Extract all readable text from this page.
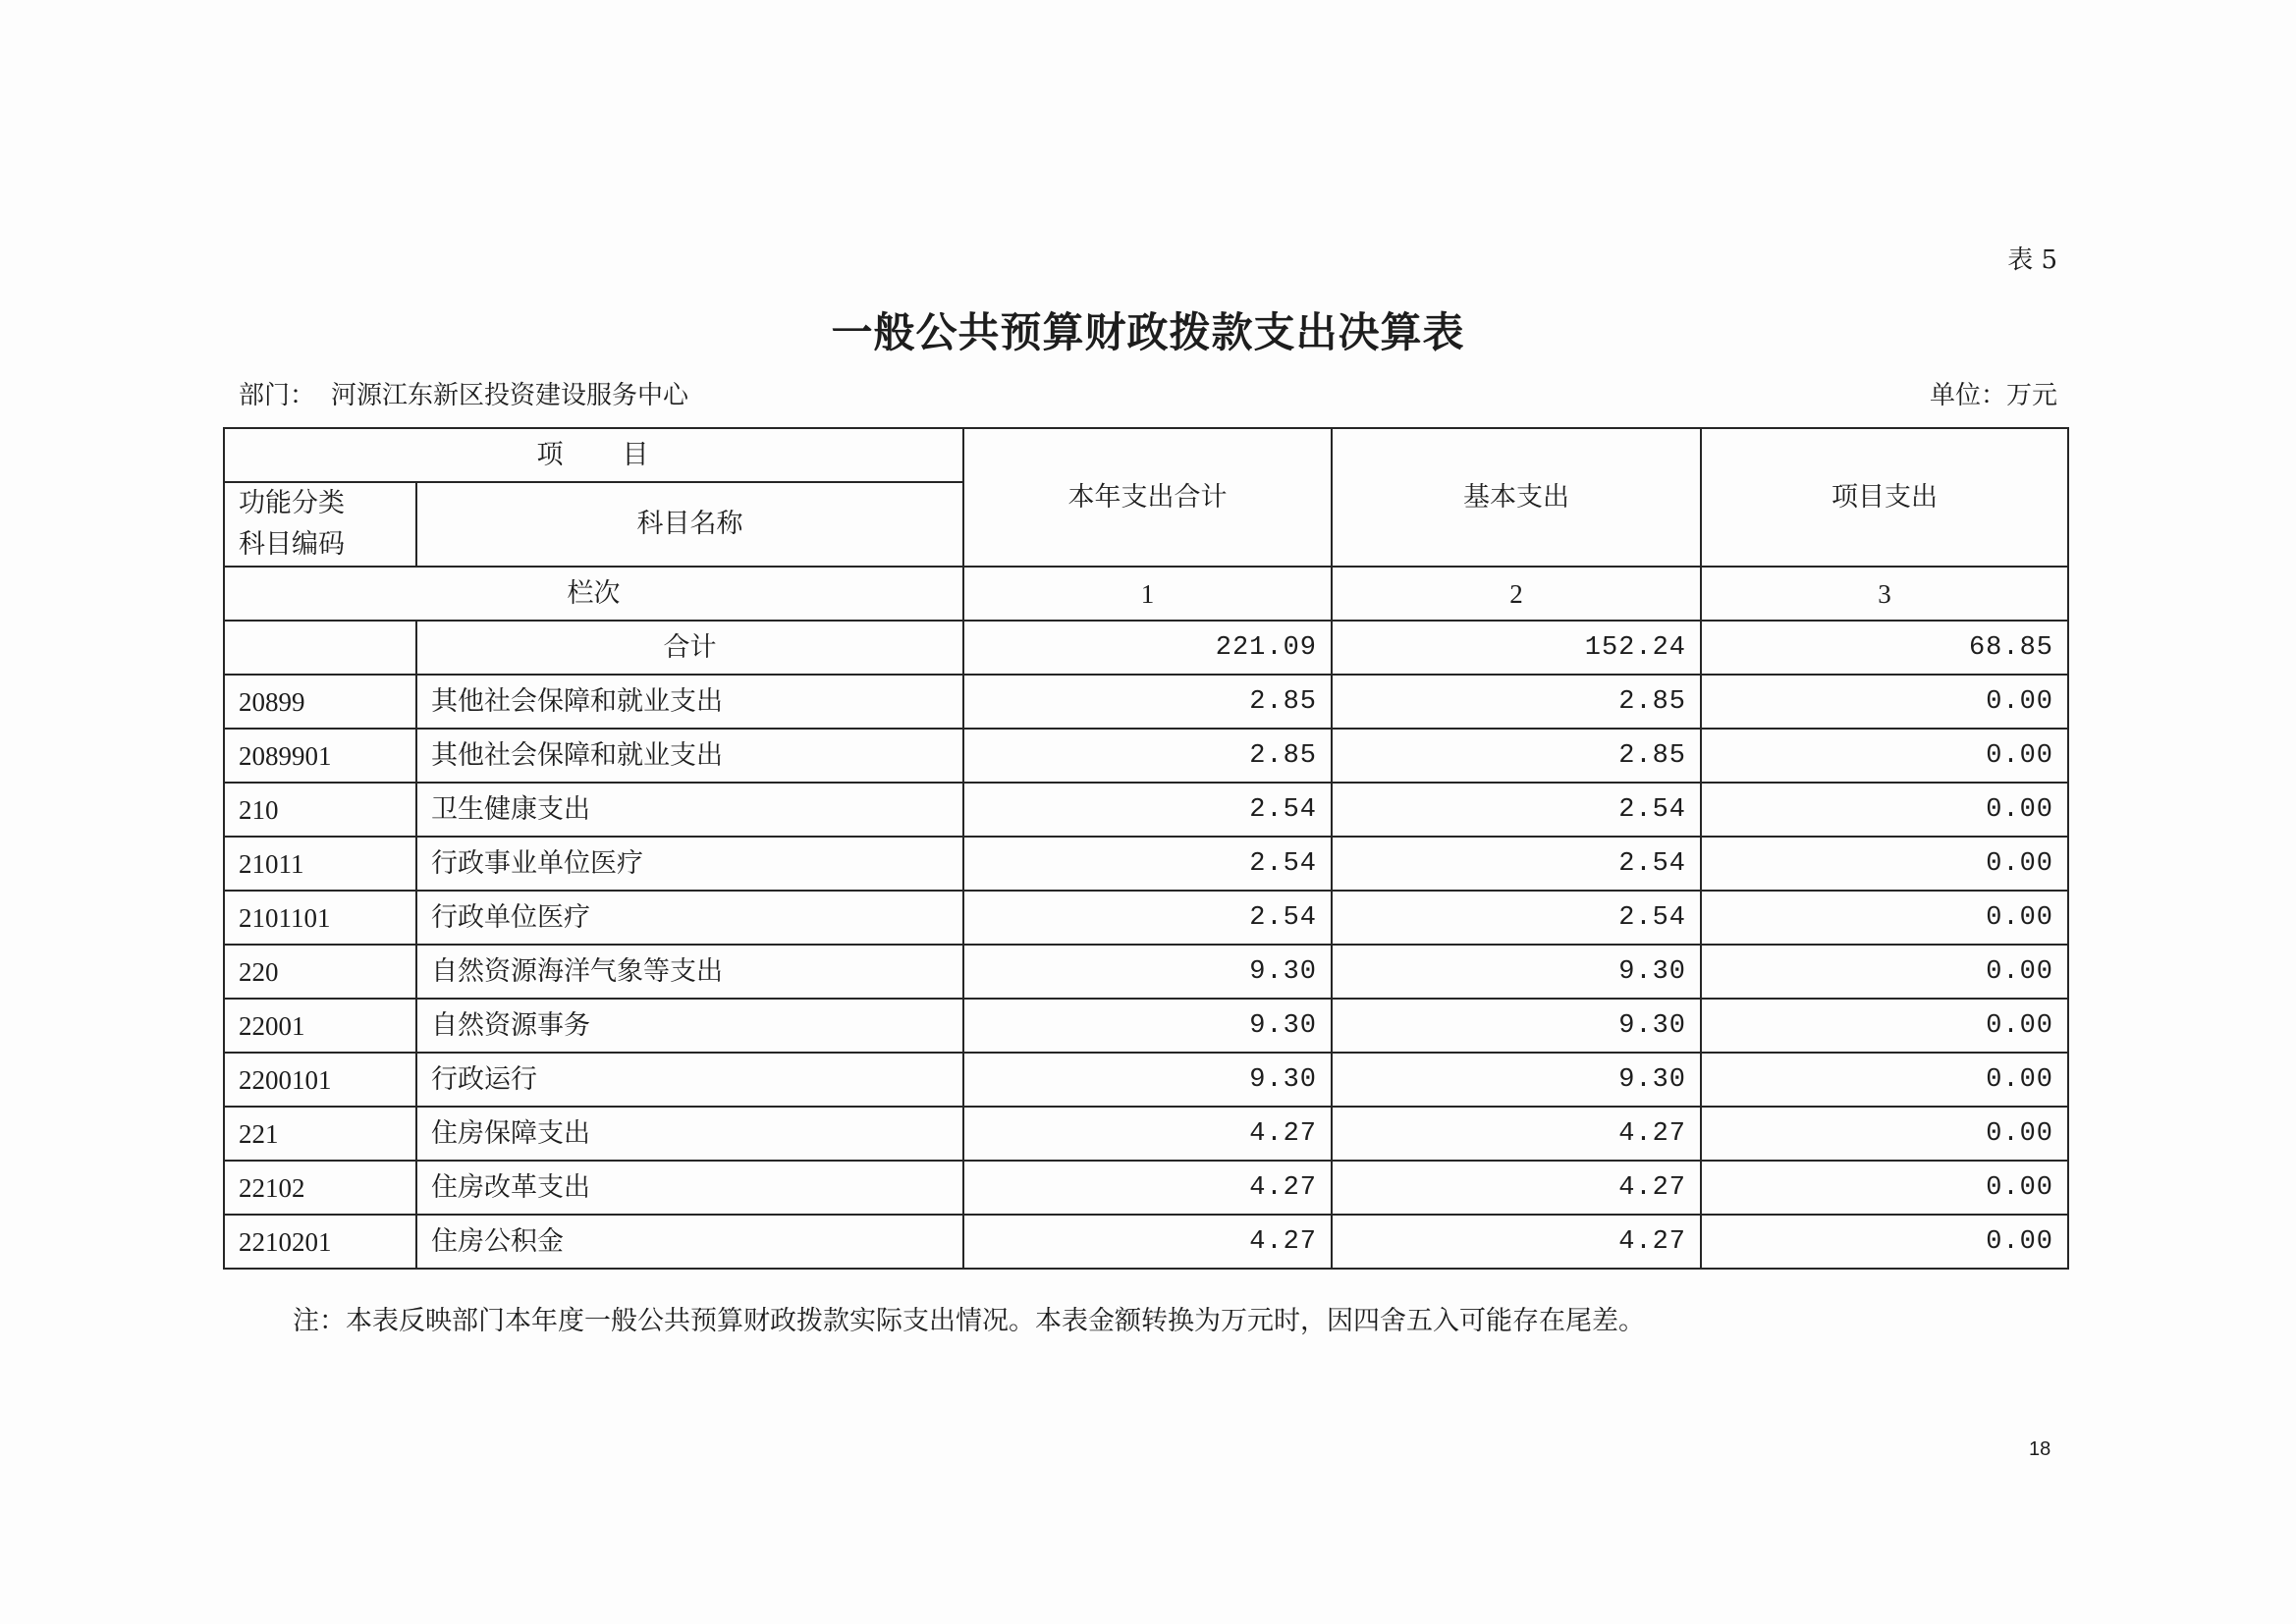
表 5
一般公共预算财政拨款支出决算表
部门： 河源江东新区投资建设服务中心	单位：万元
项　　目		本年支出合计	基本支出	项目支出

功能分类
科目编码	科目名称			
栏次		1	2	3
	合计	221.09	152.24	68.85
20899	其他社会保障和就业支出	2.85	2.85	0.00
2089901	其他社会保障和就业支出	2.85	2.85	0.00
210	卫生健康支出	2.54	2.54	0.00
21011	行政事业单位医疗	2.54	2.54	0.00
2101101	行政单位医疗	2.54	2.54	0.00
220	自然资源海洋气象等支出	9.30	9.30	0.00
22001	自然资源事务	9.30	9.30	0.00
2200101	行政运行	9.30	9.30	0.00
221	住房保障支出	4.27	4.27	0.00
22102	住房改革支出	4.27	4.27	0.00
2210201	住房公积金	4.27	4.27	0.00
注：本表反映部门本年度一般公共预算财政拨款实际支出情况。本表金额转换为万元时，因四舍五入可能存在尾差。
18
